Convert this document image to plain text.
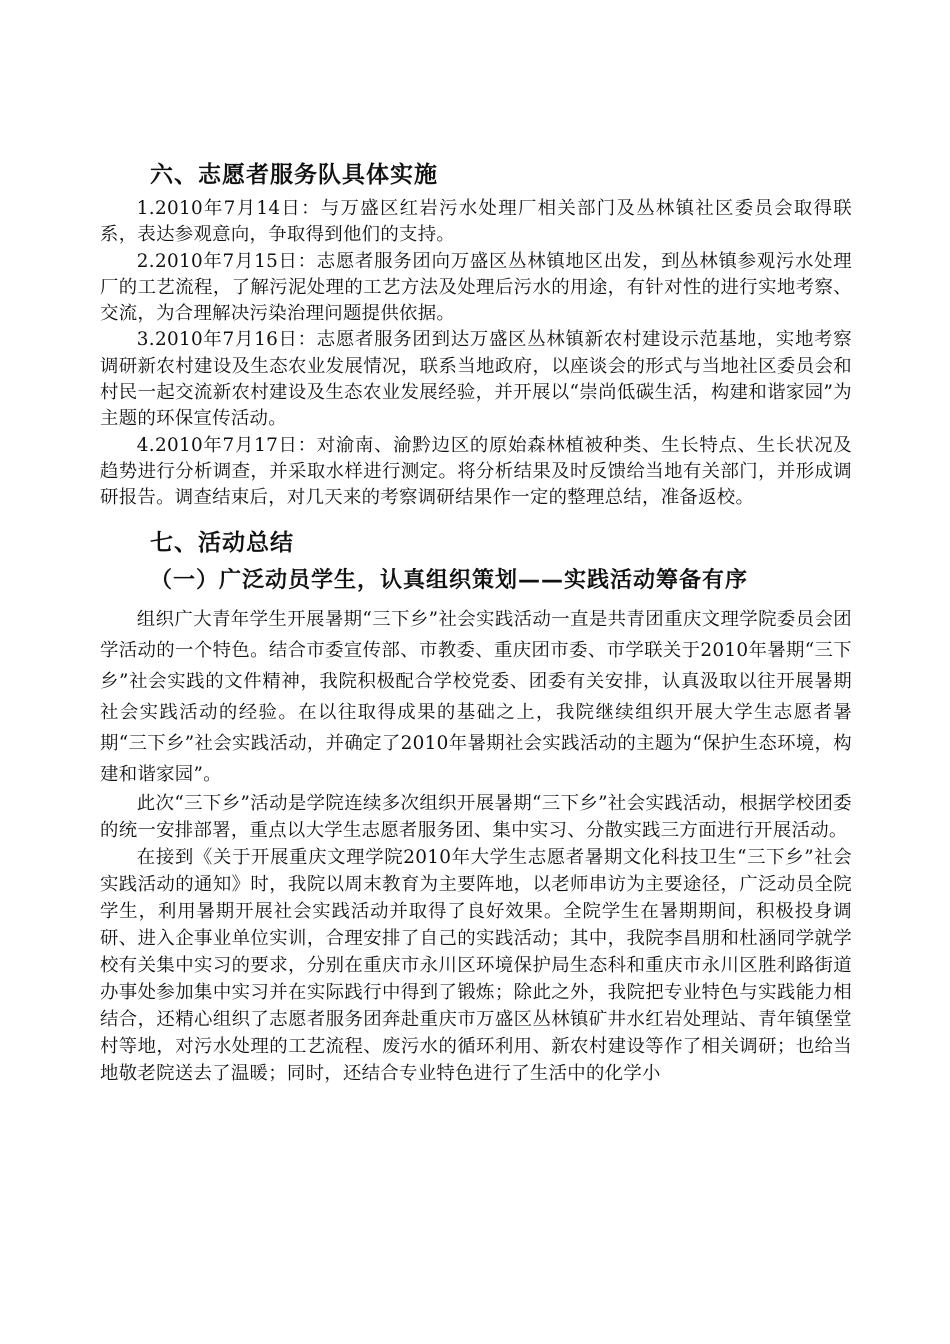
六、志愿者服务队具体实施

1.2010年7月14日：与万盛区红岩污水处理厂相关部门及丛林镇社区委员会取得联系，表达参观意向，争取得到他们的支持。

2.2010年7月15日：志愿者服务团向万盛区丛林镇地区出发，到丛林镇参观污水处理厂的工艺流程，了解污泥处理的工艺方法及处理后污水的用途，有针对性的进行实地考察、交流，为合理解决污染治理问题提供依据。

3.2010年7月16日：志愿者服务团到达万盛区丛林镇新农村建设示范基地，实地考察调研新农村建设及生态农业发展情况，联系当地政府，以座谈会的形式与当地社区委员会和村民一起交流新农村建设及生态农业发展经验，并开展以“崇尚低碳生活，构建和谐家园”为主题的环保宣传活动。

4.2010年7月17日：对渝南、渝黔边区的原始森林植被种类、生长特点、生长状况及趋势进行分析调查，并采取水样进行测定。将分析结果及时反馈给当地有关部门，并形成调研报告。调查结束后，对几天来的考察调研结果作一定的整理总结，准备返校。

七、活动总结
（一）广泛动员学生，认真组织策划——实践活动筹备有序

组织广大青年学生开展暑期“三下乡”社会实践活动一直是共青团重庆文理学院委员会团学活动的一个特色。结合市委宣传部、市教委、重庆团市委、市学联关于2010年暑期“三下乡”社会实践的文件精神，我院积极配合学校党委、团委有关安排，认真汲取以往开展暑期社会实践活动的经验。在以往取得成果的基础之上，我院继续组织开展大学生志愿者暑期“三下乡”社会实践活动，并确定了2010年暑期社会实践活动的主题为“保护生态环境，构建和谐家园”。

此次“三下乡”活动是学院连续多次组织开展暑期“三下乡”社会实践活动，根据学校团委的统一安排部署，重点以大学生志愿者服务团、集中实习、分散实践三方面进行开展活动。

在接到《关于开展重庆文理学院2010年大学生志愿者暑期文化科技卫生“三下乡”社会实践活动的通知》时，我院以周末教育为主要阵地，以老师串访为主要途径，广泛动员全院学生，利用暑期开展社会实践活动并取得了良好效果。全院学生在暑期期间，积极投身调研、进入企事业单位实训，合理安排了自己的实践活动；其中，我院李昌朋和杜涵同学就学校有关集中实习的要求，分别在重庆市永川区环境保护局生态科和重庆市永川区胜利路街道办事处参加集中实习并在实际践行中得到了锻炼；除此之外，我院把专业特色与实践能力相结合，还精心组织了志愿者服务团奔赴重庆市万盛区丛林镇矿井水红岩处理站、青年镇堡堂村等地，对污水处理的工艺流程、废污水的循环利用、新农村建设等作了相关调研；也给当地敬老院送去了温暖；同时，还结合专业特色进行了生活中的化学小
